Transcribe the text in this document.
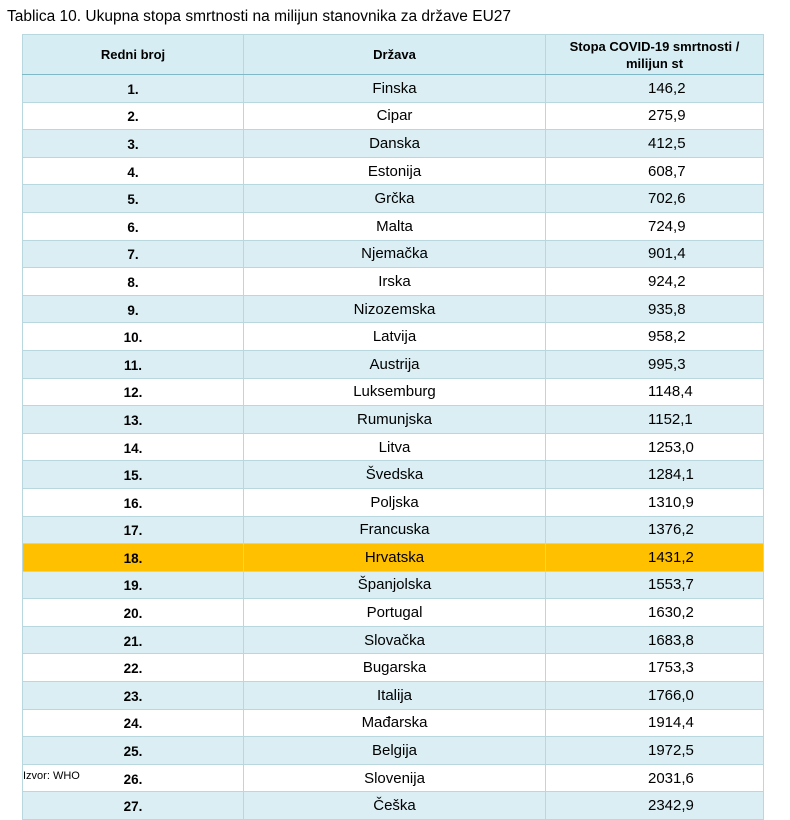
Tablica 10. Ukupna stopa smrtnosti na milijun stanovnika za države EU27
Redni broj	Država	Stopa COVID-19 smrtnosti /
milijun st
1.	Finska	146,2
2.	Cipar	275,9
3.	Danska	412,5
4.	Estonija	608,7
5.	Grčka	702,6
6.	Malta	724,9
7.	Njemačka	901,4
8.	Irska	924,2
9.	Nizozemska	935,8
10.	Latvija	958,2
11.	Austrija	995,3
12.	Luksemburg	1148,4
13.	Rumunjska	1152,1
14.	Litva	1253,0
15.	Švedska	1284,1
16.	Poljska	1310,9
17.	Francuska	1376,2
18.	Hrvatska	1431,2
19.	Španjolska	1553,7
20.	Portugal	1630,2
21.	Slovačka	1683,8
22.	Bugarska	1753,3
23.	Italija	1766,0
24.	Mađarska	1914,4
25.	Belgija	1972,5
26.	Slovenija	2031,6
27.	Češka	2342,9
Izvor: WHO
